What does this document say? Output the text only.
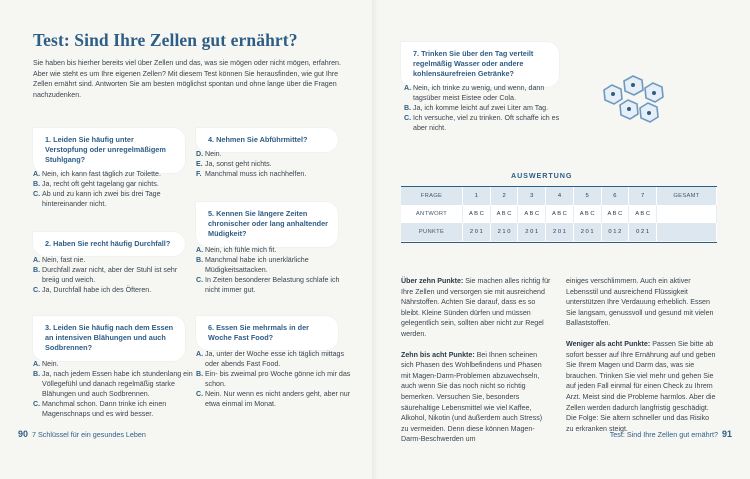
Test: Sind Ihre Zellen gut ernährt?

Sie haben bis hierher bereits viel über Zellen und das, was sie mögen oder nicht mögen, erfahren. Aber wie steht es um Ihre eigenen Zellen? Mit diesem Test können Sie herausfinden, wie gut Ihre Zellen ernährt sind. Antworten Sie am besten möglichst spontan und ohne lange über die Fragen nachzudenken.

1. Leiden Sie häufig unter Verstopfung oder unregelmäßigem Stuhlgang?
A. Nein, ich kann fast täglich zur Toilette.
B. Ja, recht oft geht tagelang gar nichts.
C. Ab und zu kann ich zwei bis drei Tage hintereinander nicht.
2. Haben Sie recht häufig Durchfall?
A. Nein, fast nie.
B. Durchfall zwar nicht, aber der Stuhl ist sehr breiig und weich.
C. Ja, Durchfall habe ich des Öfteren.
3. Leiden Sie häufig nach dem Essen an intensiven Blähungen und auch Sodbrennen?
A. Nein.
B. Ja, nach jedem Essen habe ich stundenlang ein Völlegefühl und danach regelmäßig starke Blähungen und auch Sodbrennen.
C. Manchmal schon. Dann trinke ich einen Magenschnaps und es wird besser.
4. Nehmen Sie Abführmittel?
D. Nein.
E. Ja, sonst geht nichts.
F. Manchmal muss ich nachhelfen.
5. Kennen Sie längere Zeiten chronischer oder lang anhaltender Müdigkeit?
A. Nein, ich fühle mich fit.
B. Manchmal habe ich unerklärliche Müdigkeitsattacken.
C. In Zeiten besonderer Belastung schlafe ich nicht immer gut.
6. Essen Sie mehrmals in der Woche Fast Food?
A. Ja, unter der Woche esse ich täglich mittags oder abends Fast Food.
B. Ein- bis zweimal pro Woche gönne ich mir das schon.
C. Nein. Nur wenn es nicht anders geht, aber nur etwa einmal im Monat.
7. Trinken Sie über den Tag verteilt regelmäßig Wasser oder andere kohlensäurefreien Getränke?
A. Nein, ich trinke zu wenig, und wenn, dann tagsüber meist Eistee oder Cola.
B. Ja, ich komme leicht auf zwei Liter am Tag.
C. Ich versuche, viel zu trinken. Oft schaffe ich es aber nicht.
AUSWERTUNG
FRAGE	1	2	3	4	5	6	7	GESAMT
ANTWORT	A B C	A B C	A B C	A B C	A B C	A B C	A B C	
PUNKTE	2 0 1	2 1 0	2 0 1	2 0 1	2 0 1	0 1 2	0 2 1	

Über zehn Punkte: Sie machen alles richtig für Ihre Zellen und versorgen sie mit ausreichend Nährstoffen. Achten Sie darauf, dass es so bleibt. Kleine Sünden dürfen und müssen gelegentlich sein, sollten aber nicht zur Regel werden.

Zehn bis acht Punkte: Bei Ihnen scheinen sich Phasen des Wohlbefindens und Phasen mit Magen-Darm-Problemen abzuwechseln, auch wenn Sie das noch nicht so richtig bemerken. Versuchen Sie, besonders säurehaltige Lebensmittel wie viel Kaffee, Alkohol, Nikotin (und äußerdem auch Stress) zu vermeiden. Denn diese können Magen-Darm-Beschwerden um

einiges verschlimmern. Auch ein aktiver Lebensstil und ausreichend Flüssigkeit unterstützen Ihre Verdauung erheblich. Essen Sie langsam, genussvoll und gesund mit vielen Ballaststoffen.

Weniger als acht Punkte: Passen Sie bitte ab sofort besser auf Ihre Ernährung auf und geben Sie Ihrem Magen und Darm das, was sie brauchen. Trinken Sie viel mehr und gehen Sie auf jeden Fall einmal für einen Check zu Ihrem Arzt. Meist sind die Probleme harmlos. Aber die Zellen werden dadurch langfristig geschädigt. Die Folge: Sie altern schneller und das Risiko zu erkranken steigt.

90 7 Schlüssel für ein gesundes Leben	Test: Sind Ihre Zellen gut ernährt? 91
